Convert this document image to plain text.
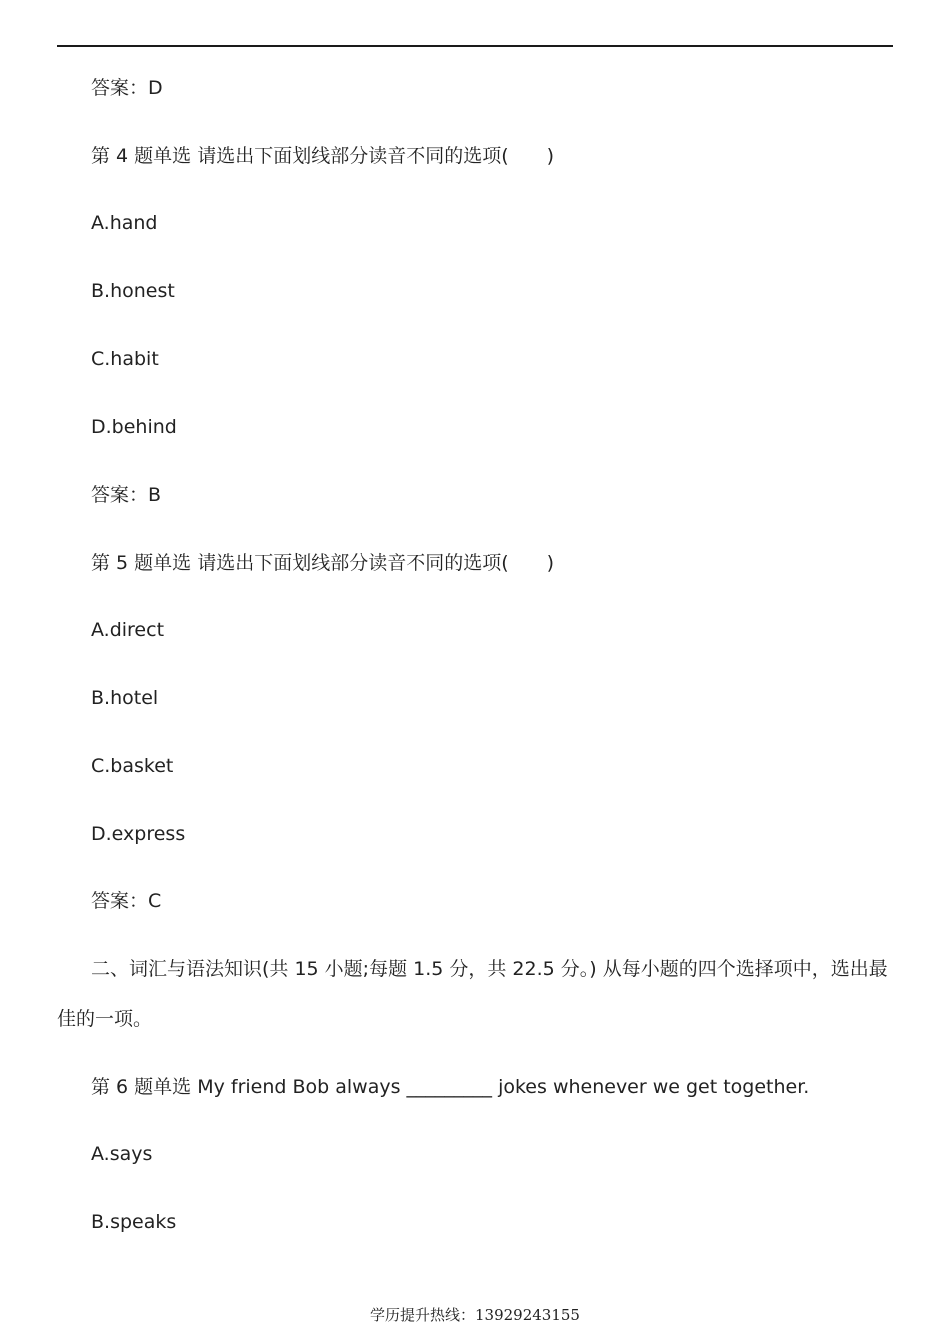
答案：D
第 4 题单选 请选出下面划线部分读音不同的选项(　　)
A.hand
B.honest
C.habit
D.behind
答案：B
第 5 题单选 请选出下面划线部分读音不同的选项(　　)
A.direct
B.hotel
C.basket
D.express
答案：C
二、词汇与语法知识(共 15 小题;每题 1.5 分，共 22.5 分。) 从每小题的四个选择项中，选出最
佳的一项。
第 6 题单选 My friend Bob always _________ jokes whenever we get together.
A.says
B.speaks
学历提升热线：13929243155
